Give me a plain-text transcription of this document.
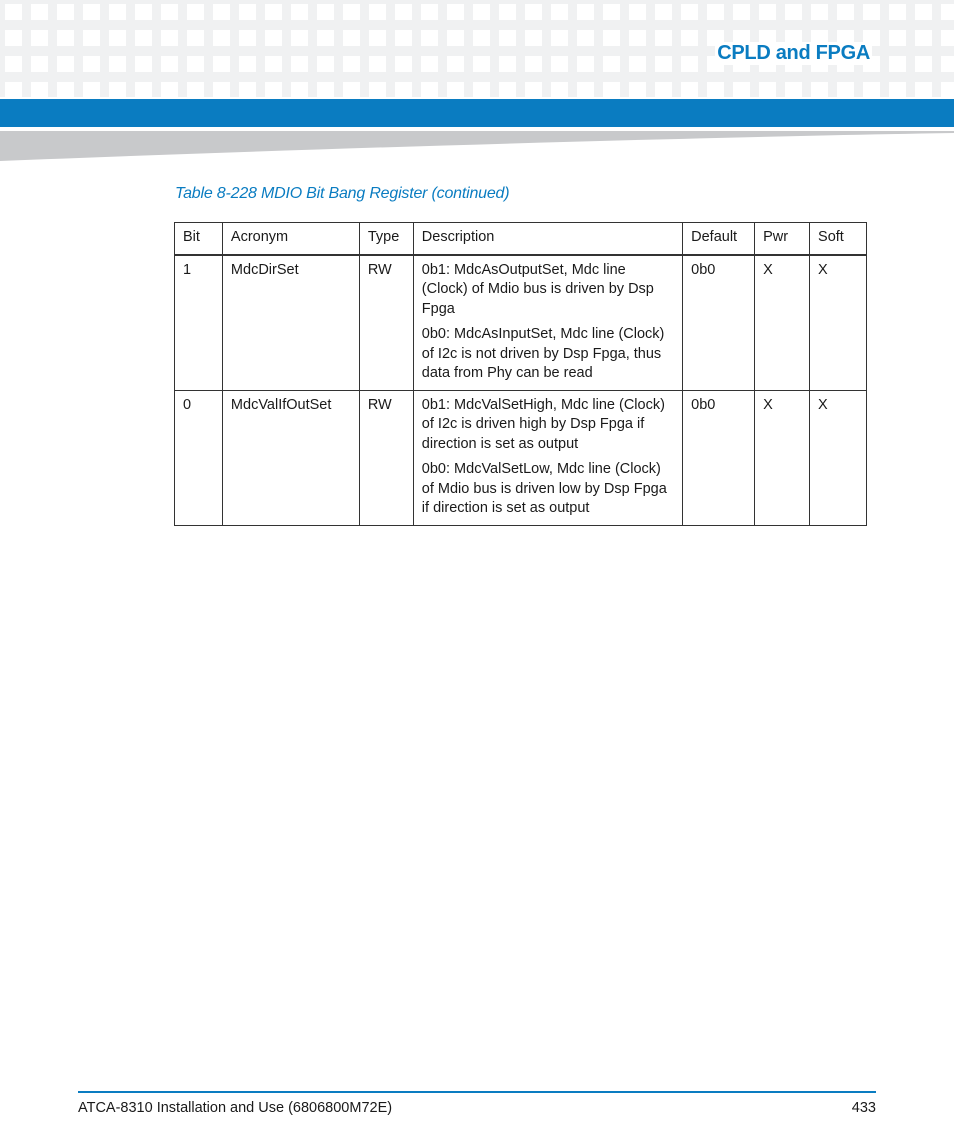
CPLD and FPGA
Table 8-228 MDIO Bit Bang Register (continued)
Bit	Acronym	Type	Description	Default	Pwr	Soft
1	MdcDirSet	RW	0b1: MdcAsOutputSet, Mdc line (Clock) of Mdio bus is driven by Dsp Fpga

0b0: MdcAsInputSet, Mdc line (Clock) of I2c is not driven by Dsp Fpga, thus data from Phy can be read	0b0	X	X
0	MdcValIfOutSet	RW	0b1: MdcValSetHigh, Mdc line (Clock) of I2c is driven high by Dsp Fpga if direction is set as output

0b0: MdcValSetLow, Mdc line (Clock) of Mdio bus is driven low by Dsp Fpga if direction is set as output	0b0	X	X
ATCA-8310 Installation and Use (6806800M72E)	433
